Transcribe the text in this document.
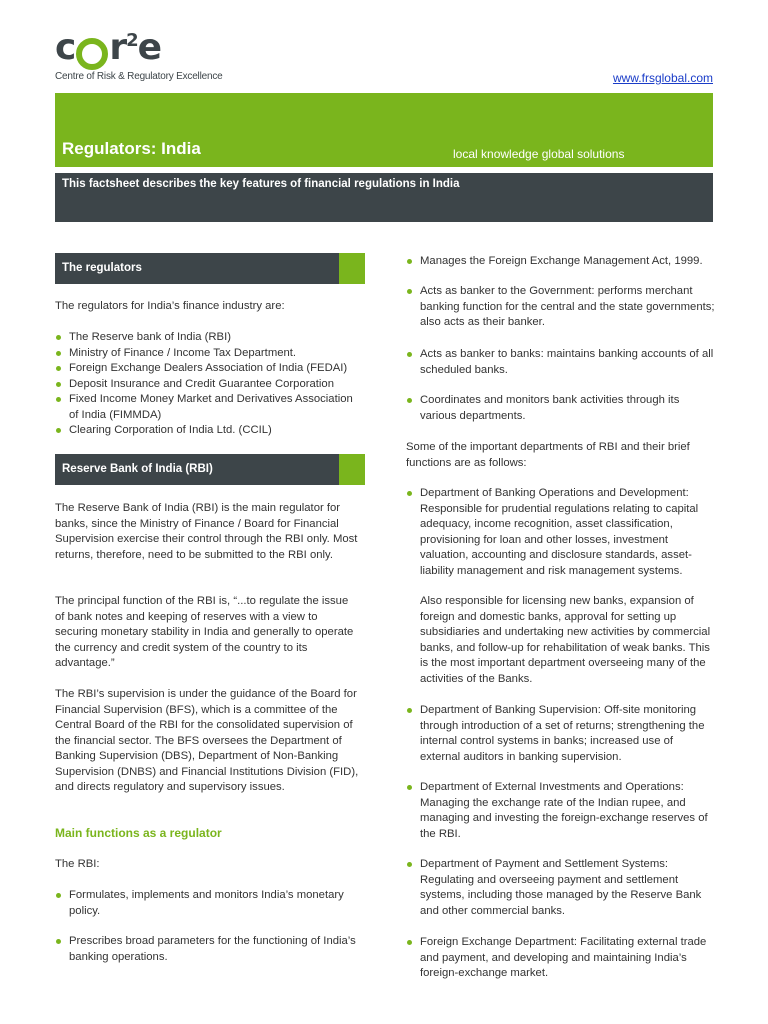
c r 2 e
Centre of Risk & Regulatory Excellence	www.frsglobal.com
Regulators: India	local knowledge global solutions
This factsheet describes the key features of financial regulations in India
The regulators

The regulators for India’s finance industry are:

The Reserve bank of India (RBI)
Ministry of Finance / Income Tax Department.
Foreign Exchange Dealers Association of India (FEDAI)
Deposit Insurance and Credit Guarantee Corporation
Fixed Income Money Market and Derivatives Association of India (FIMMDA)
Clearing Corporation of India Ltd. (CCIL)
Reserve Bank of India (RBI)

The Reserve Bank of India (RBI) is the main regulator for banks, since the Ministry of Finance / Board for Financial Supervision exercise their control through the RBI only. Most returns, therefore, need to be submitted to the RBI only.

The principal function of the RBI is, “...to regulate the issue of bank notes and keeping of reserves with a view to securing monetary stability in India and generally to operate the currency and credit system of the country to its advantage.”

The RBI’s supervision is under the guidance of the Board for Financial Supervision (BFS), which is a committee of the Central Board of the RBI for the consolidated supervision of the financial sector. The BFS oversees the Department of Banking Supervision (DBS), Department of Non-Banking Supervision (DNBS) and Financial Institutions Division (FID), and directs regulatory and supervisory issues.

Main functions as a regulator

The RBI:

Formulates, implements and monitors India’s monetary policy.
Prescribes broad parameters for the functioning of India’s banking operations.
Manages the Foreign Exchange Management Act, 1999.
Acts as banker to the Government: performs merchant banking function for the central and the state governments; also acts as their banker.
Acts as banker to banks: maintains banking accounts of all scheduled banks.
Coordinates and monitors bank activities through its various departments.

Some of the important departments of RBI and their brief functions are as follows:

Department of Banking Operations and Development: Responsible for prudential regulations relating to capital adequacy, income recognition, asset classification, provisioning for loan and other losses, investment valuation, accounting and disclosure standards, asset-liability management and risk management systems.

Also responsible for licensing new banks, expansion of foreign and domestic banks, approval for setting up subsidiaries and undertaking new activities by commercial banks, and follow-up for rehabilitation of weak banks. This is the most important department overseeing many of the activities of the Banks.

Department of Banking Supervision: Off-site monitoring through introduction of a set of returns; strengthening the internal control systems in banks; increased use of external auditors in banking supervision.
Department of External Investments and Operations: Managing the exchange rate of the Indian rupee, and managing and investing the foreign-exchange reserves of the RBI.
Department of Payment and Settlement Systems: Regulating and overseeing payment and settlement systems, including those managed by the Reserve Bank and other commercial banks.
Foreign Exchange Department: Facilitating external trade and payment, and developing and maintaining India’s foreign-exchange market.
